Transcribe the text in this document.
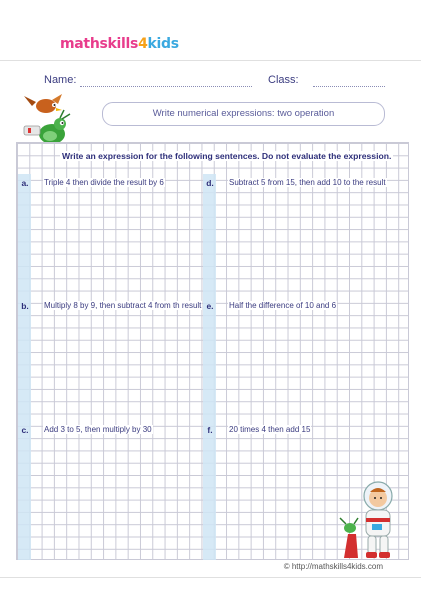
mathskills4kids
Name:	Class:
Write numerical expressions: two operation
Write an expression for the following sentences. Do not evaluate the expression.
a.	Triple 4 then divide the result by 6
b.	Multiply 8 by 9, then subtract 4 from th result
c.	Add 3 to 5, then multiply by 30
d.	Subtract 5 from 15, then add 10 to the result
e.	Half the difference of 10 and 6
f.	20 times 4 then add 15
© http://mathskills4kids.com
